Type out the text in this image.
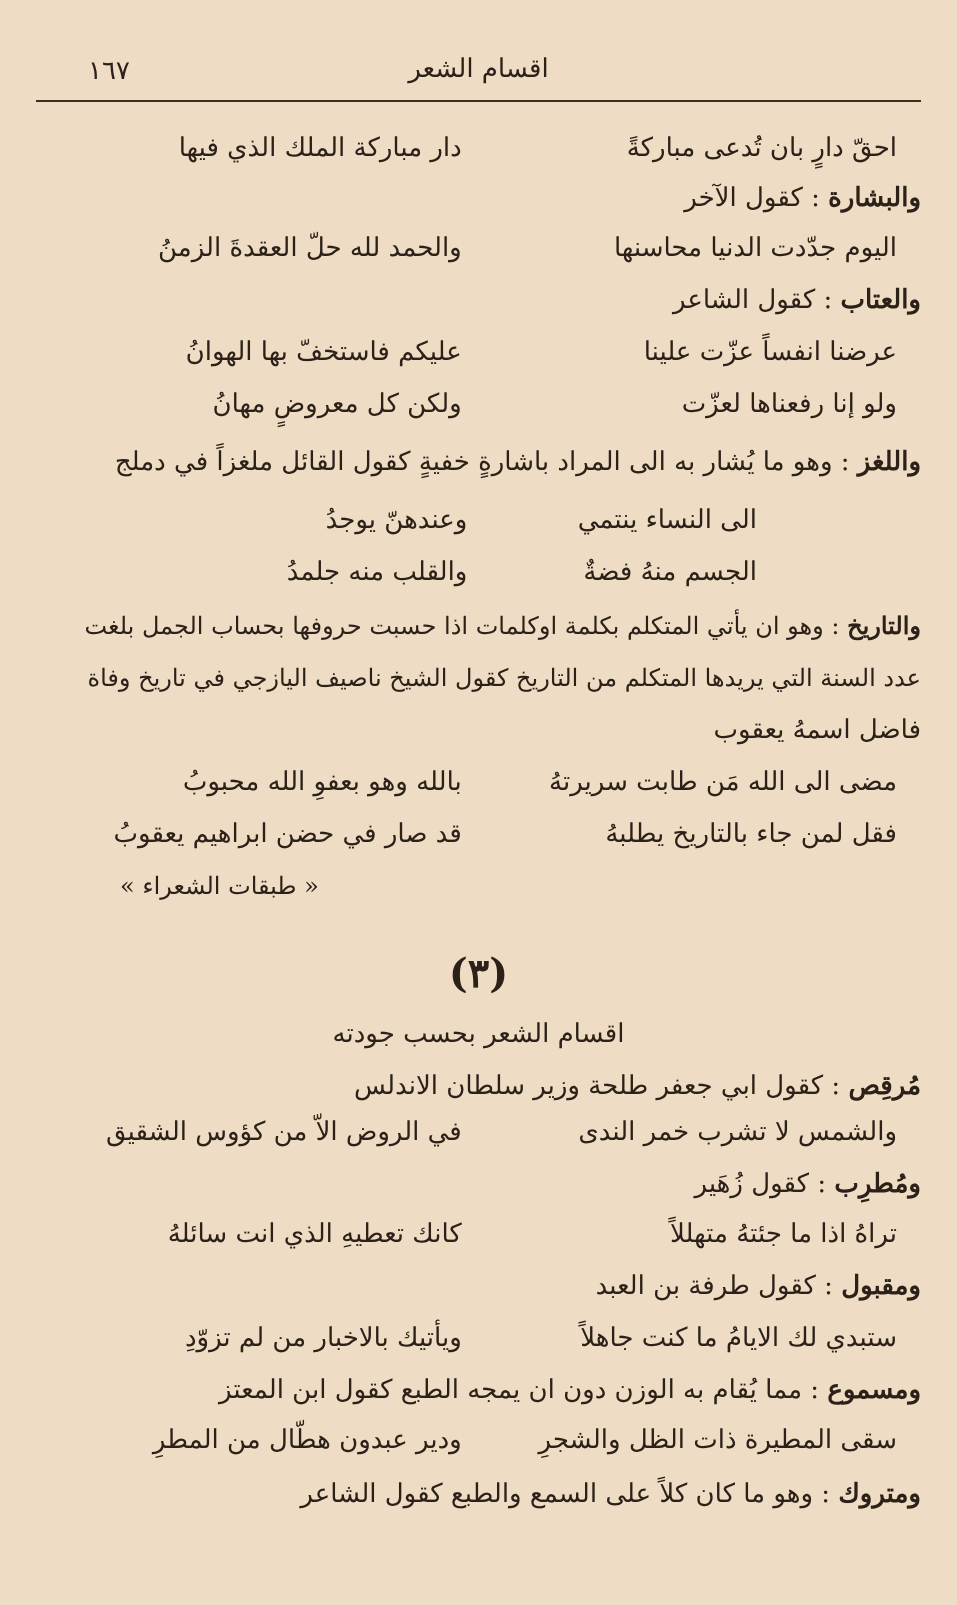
١٦٧	اقسام الشعر
احقّ دارٍ بان تُدعى مباركةً
دار مباركة الملك الذي فيها
والبشارة : كقول الآخر
اليوم جدّدت الدنيا محاسنها
والحمد لله حلّ العقدةَ الزمنُ
والعتاب : كقول الشاعر
عرضنا انفساً عزّت علينا
عليكم فاستخفّ بها الهوانُ
ولو إنا رفعناها لعزّت
ولكن كل معروضٍ مهانُ
واللغز : وهو ما يُشار به الى المراد باشارةٍ خفيةٍ كقول القائل ملغزاً في دملج
الى النساء ينتمي
وعندهنّ يوجدُ
الجسم منهُ فضةٌ
والقلب منه جلمدُ
والتاريخ : وهو ان يأتي المتكلم بكلمة اوكلمات اذا حسبت حروفها بحساب الجمل بلغت
عدد السنة التي يريدها المتكلم من التاريخ كقول الشيخ ناصيف اليازجي في تاريخ وفاة
فاضل اسمهُ يعقوب
مضى الى الله مَن طابت سريرتهُ
بالله وهو بعفوِ الله محبوبُ
فقل لمن جاء بالتاريخ يطلبهُ
قد صار في حضن ابراهيم يعقوبُ
« طبقات الشعراء »
(٣)
اقسام الشعر بحسب جودته
مُرقِص : كقول ابي جعفر طلحة وزير سلطان الاندلس
والشمس لا تشرب خمر الندى
في الروض الاّ من كؤوس الشقيق
ومُطرِب : كقول زُهَير
تراهُ اذا ما جئتهُ متهللاً
كانك تعطيهِ الذي انت سائلهُ
ومقبول : كقول طرفة بن العبد
ستبدي لك الايامُ ما كنت جاهلاً
ويأتيك بالاخبار من لم تزوّدِ
ومسموع : مما يُقام به الوزن دون ان يمجه الطبع كقول ابن المعتز
سقى المطيرة ذات الظل والشجرِ
ودير عبدون هطّال من المطرِ
ومتروك : وهو ما كان كلاً على السمع والطبع كقول الشاعر
